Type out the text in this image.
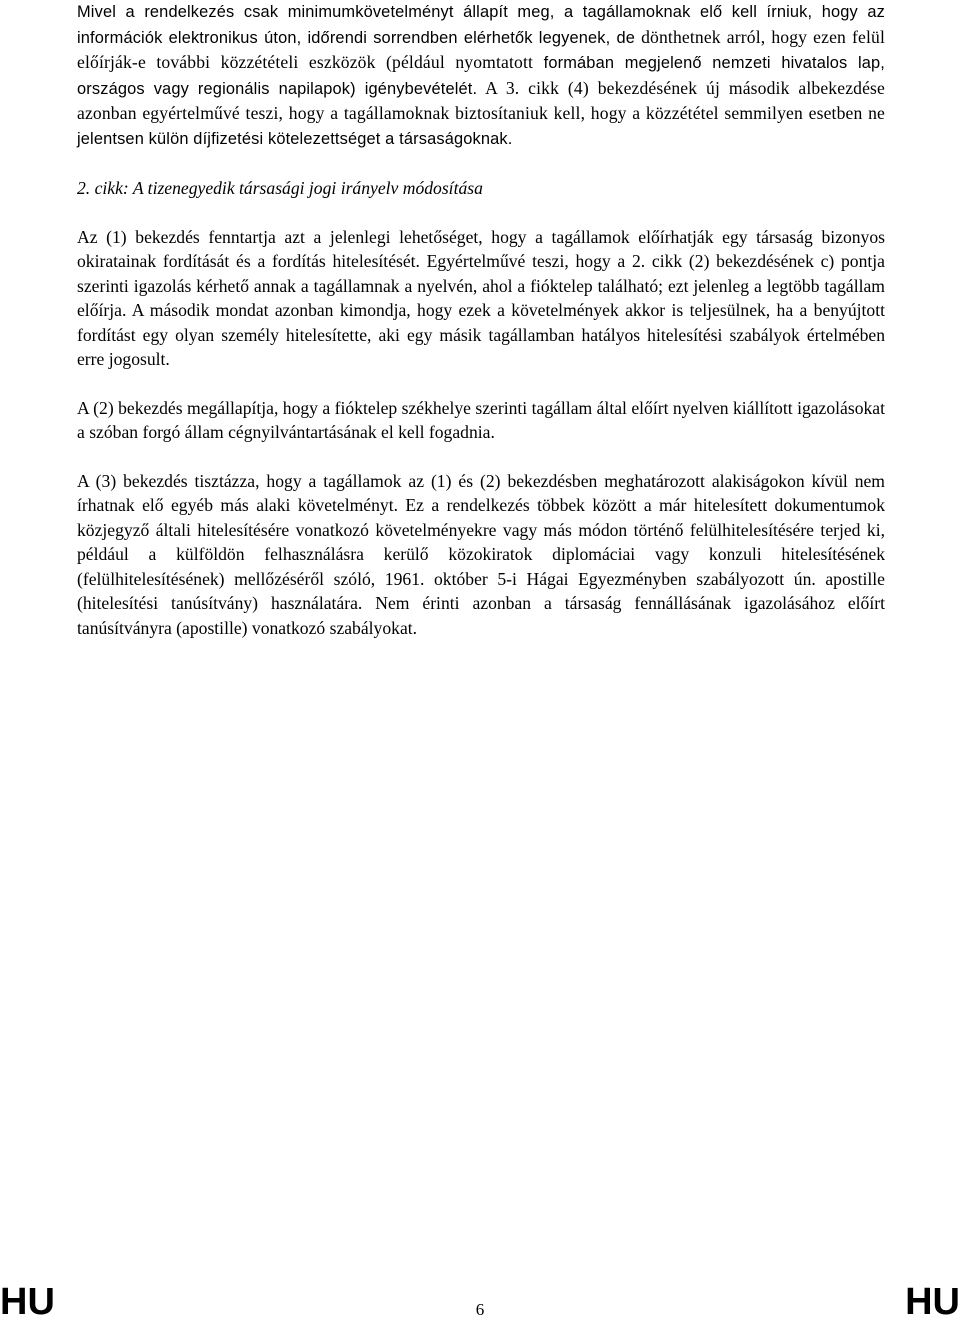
Mivel a rendelkezés csak minimumkövetelményt állapít meg, a tagállamoknak elő kell írniuk, hogy az információk elektronikus úton, időrendi sorrendben elérhetők legyenek, de dönthetnek arról, hogy ezen felül előírják-e további közzétételi eszközök (például nyomtatott formában megjelenő nemzeti hivatalos lap, országos vagy regionális napilapok) igénybevételét. A 3. cikk (4) bekezdésének új második albekezdése azonban egyértelművé teszi, hogy a tagállamoknak biztosítaniuk kell, hogy a közzététel semmilyen esetben ne jelentsen külön díjfizetési kötelezettséget a társaságoknak.

2. cikk: A tizenegyedik társasági jogi irányelv módosítása

Az (1) bekezdés fenntartja azt a jelenlegi lehetőséget, hogy a tagállamok előírhatják egy társaság bizonyos okiratainak fordítását és a fordítás hitelesítését. Egyértelművé teszi, hogy a 2. cikk (2) bekezdésének c) pontja szerinti igazolás kérhető annak a tagállamnak a nyelvén, ahol a fióktelep található; ezt jelenleg a legtöbb tagállam előírja. A második mondat azonban kimondja, hogy ezek a követelmények akkor is teljesülnek, ha a benyújtott fordítást egy olyan személy hitelesítette, aki egy másik tagállamban hatályos hitelesítési szabályok értelmében erre jogosult.

A (2) bekezdés megállapítja, hogy a fióktelep székhelye szerinti tagállam által előírt nyelven kiállított igazolásokat a szóban forgó állam cégnyilvántartásának el kell fogadnia.

A (3) bekezdés tisztázza, hogy a tagállamok az (1) és (2) bekezdésben meghatározott alakiságokon kívül nem írhatnak elő egyéb más alaki követelményt. Ez a rendelkezés többek között a már hitelesített dokumentumok közjegyző általi hitelesítésére vonatkozó követelményekre vagy más módon történő felülhitelesítésére terjed ki, például a külföldön felhasználásra kerülő közokiratok diplomáciai vagy konzuli hitelesítésének (felülhitelesítésének) mellőzéséről szóló, 1961. október 5-i Hágai Egyezményben szabályozott ún. apostille (hitelesítési tanúsítvány) használatára. Nem érinti azonban a társaság fennállásának igazolásához előírt tanúsítványra (apostille) vonatkozó szabályokat.

HU	6	HU
